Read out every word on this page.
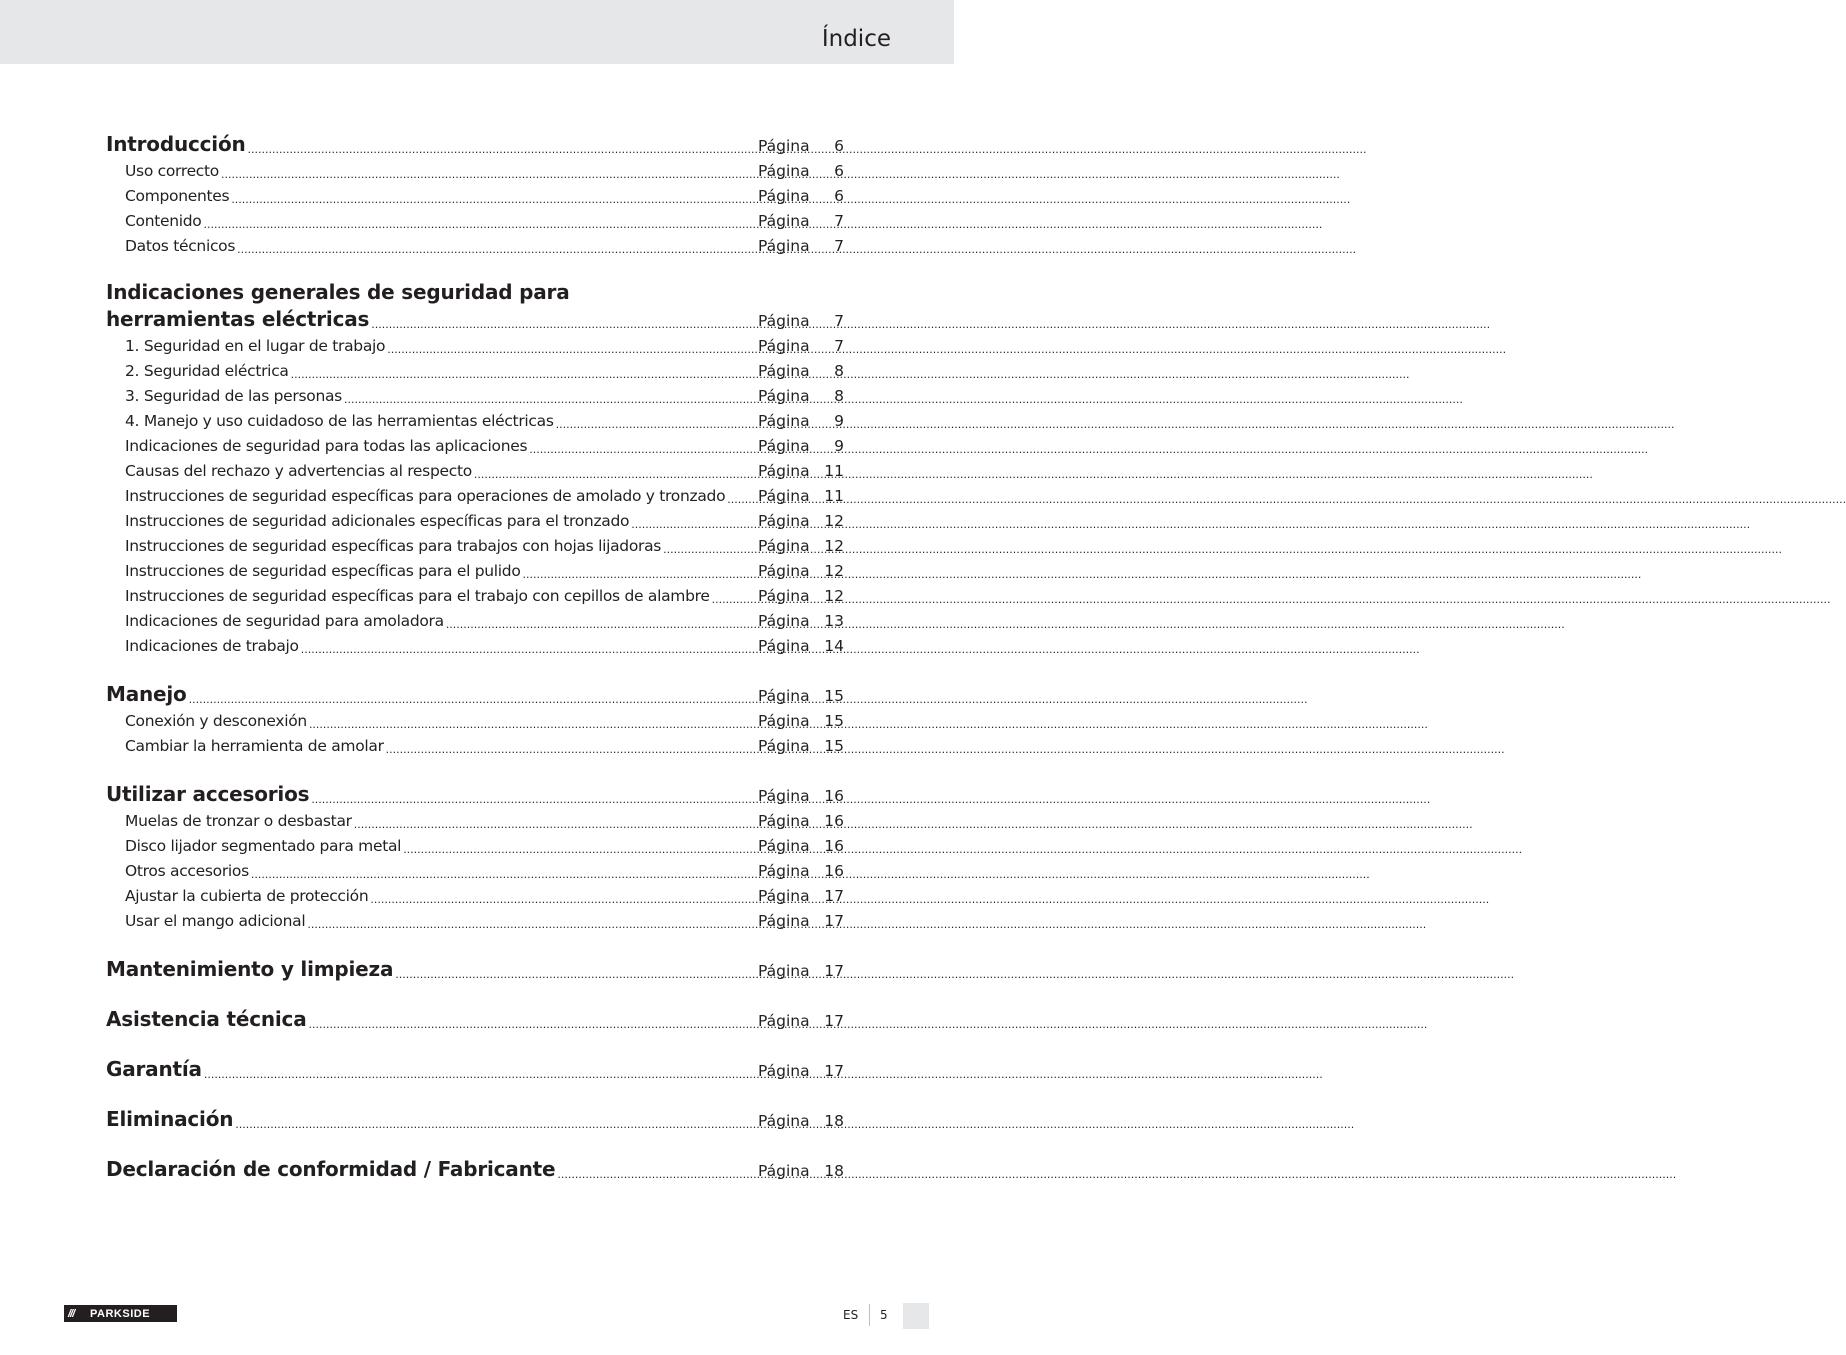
Índice
Introducción .....	Página	6
Uso correcto .....	Página	6
Componentes .....	Página	6
Contenido .....	Página	7
Datos técnicos .....	Página	7
Indicaciones generales de seguridad para
herramientas eléctricas .....	Página	7
1. Seguridad en el lugar de trabajo .....	Página	7
2. Seguridad eléctrica .....	Página	8
3. Seguridad de las personas .....	Página	8
4. Manejo y uso cuidadoso de las herramientas eléctricas .....	Página	9
Indicaciones de seguridad para todas las aplicaciones .....	Página	9
Causas del rechazo y advertencias al respecto .....	Página 11
Instrucciones de seguridad específicas para operaciones de amolado y tronzado ..... Página 11
Instrucciones de seguridad adicionales específicas para el tronzado .....	Página 12
Instrucciones de seguridad específicas para trabajos con hojas lijadoras .....	Página 12
Instrucciones de seguridad específicas para el pulido .....	Página 12
Instrucciones de seguridad específicas para el trabajo con cepillos de alambre .....	Página 12
Indicaciones de seguridad para amoladora .....	Página 13
Indicaciones de trabajo .....	Página 14
Manejo .....	Página 15
Conexión y desconexión .....	Página 15
Cambiar la herramienta de amolar .....	Página 15
Utilizar accesorios .....	Página 16
Muelas de tronzar o desbastar .....	Página 16
Disco lijador segmentado para metal .....	Página 16
Otros accesorios .....	Página 16
Ajustar la cubierta de protección .....	Página 17
Usar el mango adicional .....	Página 17
Mantenimiento y limpieza .....	Página 17
Asistencia técnica .....	Página 17
Garantía .....	Página 17
Eliminación .....	Página 18
Declaración de conformidad / Fabricante .....	Página 18
///	PARKSIDE	ES 5
